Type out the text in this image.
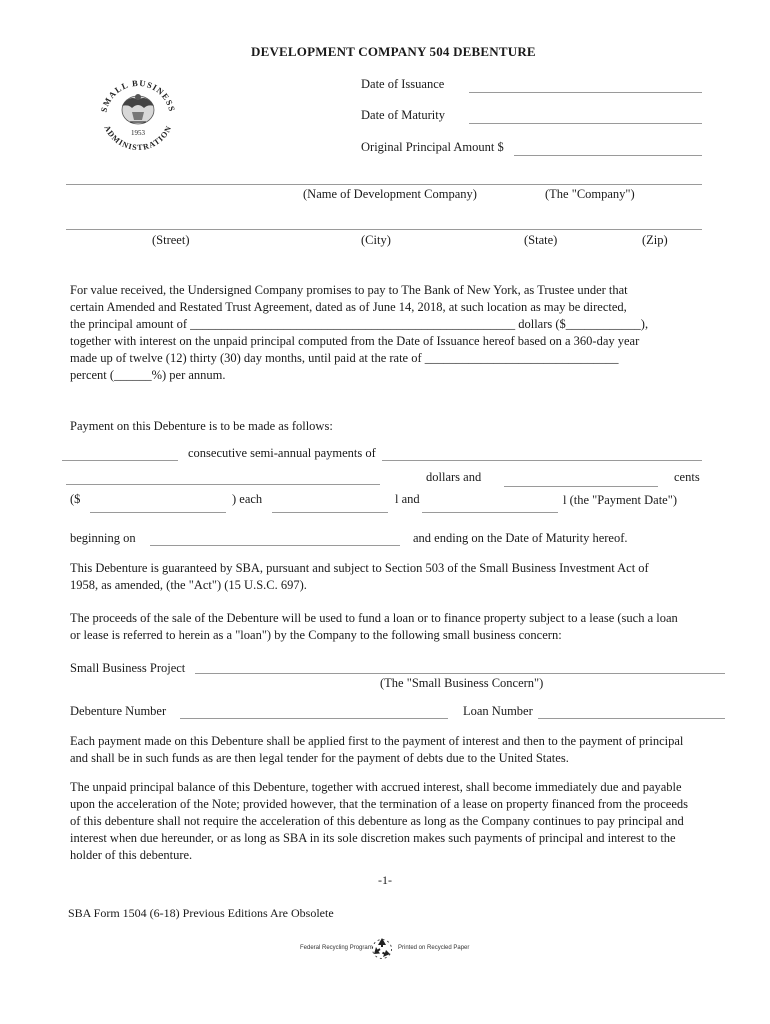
DEVELOPMENT COMPANY 504 DEBENTURE
SMALL BUSINESS
ADMINISTRATION
1953
Date of Issuance
Date of Maturity
Original Principal Amount $
(Name of Development Company)	(The "Company")
(Street)	(City)	(State)	(Zip)
For value received, the Undersigned Company promises to pay to The Bank of New York, as Trustee under that
certain Amended and Restated Trust Agreement, dated as of June 14, 2018, at such location as may be directed,
the principal amount of ____________________________________________________ dollars ($____________),
together with interest on the unpaid principal computed from the Date of Issuance hereof based on a 360-day year
made up of twelve (12) thirty (30) day months, until paid at the rate of _______________________________
percent (______%) per annum.
Payment on this Debenture is to be made as follows:
consecutive semi-annual payments of
dollars and	cents
($	) each	l and	l (the "Payment Date")
beginning on	and ending on the Date of Maturity hereof.
This Debenture is guaranteed by SBA, pursuant and subject to Section 503 of the Small Business Investment Act of
1958, as amended, (the "Act") (15 U.S.C. 697).
The proceeds of the sale of the Debenture will be used to fund a loan or to finance property subject to a lease (such a loan
or lease is referred to herein as a "loan") by the Company to the following small business concern:
Small Business Project
(The "Small Business Concern")
Debenture Number	Loan Number
Each payment made on this Debenture shall be applied first to the payment of interest and then to the payment of principal
and shall be in such funds as are then legal tender for the payment of debts due to the United States.
The unpaid principal balance of this Debenture, together with accrued interest, shall become immediately due and payable
upon the acceleration of the Note; provided however, that the termination of a lease on property financed from the proceeds
of this debenture shall not require the acceleration of this debenture as long as the Company continues to pay principal and
interest when due hereunder, or as long as SBA in its sole discretion makes such payments of principal and interest to the
holder of this debenture.
-1-
SBA Form 1504 (6-18) Previous Editions Are Obsolete
Federal Recycling Program	Printed on Recycled Paper
